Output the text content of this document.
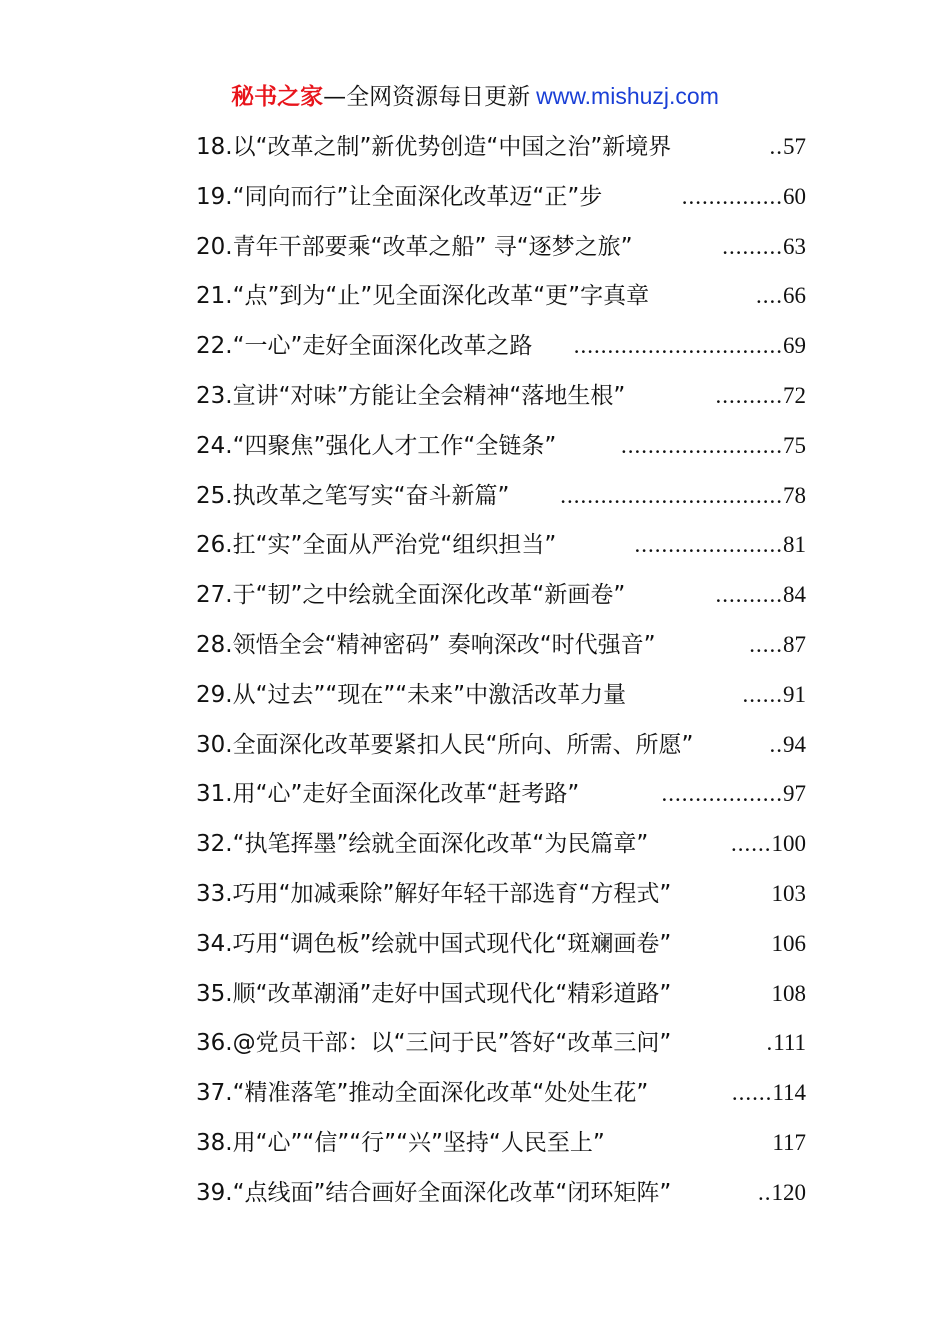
秘书之家—全网资源每日更新 www.mishuzj.com
18.以“改革之制”新优势创造“中国之治”新境界	.. 57
19.“同向而行”让全面深化改革迈“正”步	............... 60
20.青年干部要乘“改革之船” 寻“逐梦之旅”	......... 63
21.“点”到为“止”见全面深化改革“更”字真章	.... 66
22.“一心”走好全面深化改革之路	............................... 69
23.宣讲“对味”方能让全会精神“落地生根”	.......... 72
24.“四聚焦”强化人才工作“全链条”	........................ 75
25.执改革之笔写实“奋斗新篇”	................................. 78
26.扛“实”全面从严治党“组织担当”	...................... 81
27.于“韧”之中绘就全面深化改革“新画卷”	.......... 84
28.领悟全会“精神密码” 奏响深改“时代强音”	..... 87
29.从“过去”“现在”“未来”中激活改革力量	...... 91
30.全面深化改革要紧扣人民“所向、所需、所愿”	.. 94
31.用“心”走好全面深化改革“赶考路”	.................. 97
32.“执笔挥墨”绘就全面深化改革“为民篇章”	...... 100
33.巧用“加减乘除”解好年轻干部选育“方程式”	103
34.巧用“调色板”绘就中国式现代化“斑斓画卷”	106
35.顺“改革潮涌”走好中国式现代化“精彩道路”	108
36.@党员干部：以“三问于民”答好“改革三问”	. 111
37.“精准落笔”推动全面深化改革“处处生花”	...... 114
38.用“心”“信”“行”“兴”坚持“人民至上”	117
39.“点线面”结合画好全面深化改革“闭环矩阵”	.. 120
